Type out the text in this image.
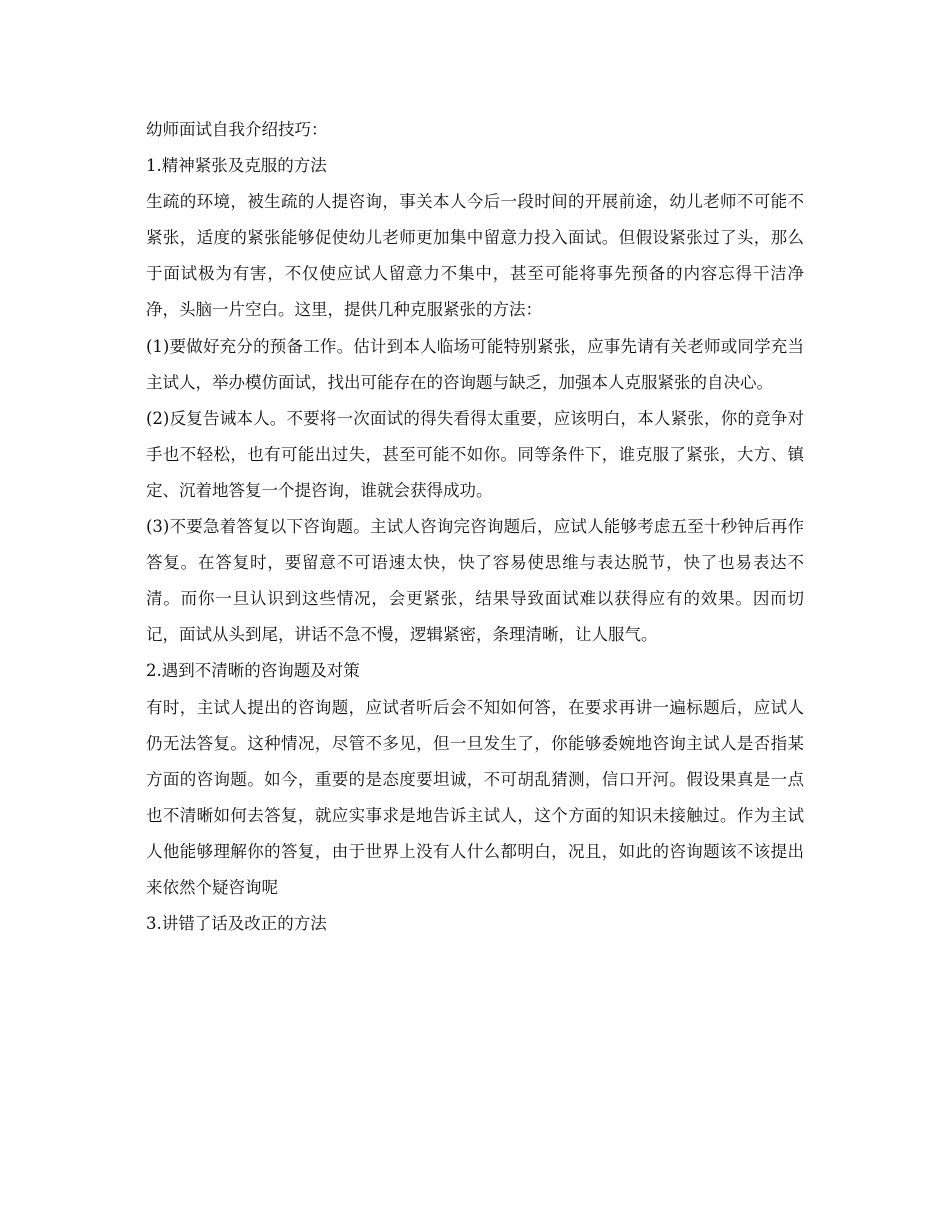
幼师面试自我介绍技巧：

1.精神紧张及克服的方法

生疏的环境，被生疏的人提咨询，事关本人今后一段时间的开展前途，幼儿老师不可能不紧张，适度的紧张能够促使幼儿老师更加集中留意力投入面试。但假设紧张过了头，那么于面试极为有害，不仅使应试人留意力不集中，甚至可能将事先预备的内容忘得干洁净净，头脑一片空白。这里，提供几种克服紧张的方法：

(1)要做好充分的预备工作。估计到本人临场可能特别紧张，应事先请有关老师或同学充当主试人，举办模仿面试，找出可能存在的咨询题与缺乏，加强本人克服紧张的自决心。

(2)反复告诫本人。不要将一次面试的得失看得太重要，应该明白，本人紧张，你的竞争对手也不轻松，也有可能出过失，甚至可能不如你。同等条件下，谁克服了紧张，大方、镇定、沉着地答复一个提咨询，谁就会获得成功。

(3)不要急着答复以下咨询题。主试人咨询完咨询题后，应试人能够考虑五至十秒钟后再作答复。在答复时，要留意不可语速太快，快了容易使思维与表达脱节，快了也易表达不清。而你一旦认识到这些情况，会更紧张，结果导致面试难以获得应有的效果。因而切记，面试从头到尾，讲话不急不慢，逻辑紧密，条理清晰，让人服气。

2.遇到不清晰的咨询题及对策

有时，主试人提出的咨询题，应试者听后会不知如何答，在要求再讲一遍标题后，应试人仍无法答复。这种情况，尽管不多见，但一旦发生了，你能够委婉地咨询主试人是否指某方面的咨询题。如今，重要的是态度要坦诚，不可胡乱猜测，信口开河。假设果真是一点也不清晰如何去答复，就应实事求是地告诉主试人，这个方面的知识未接触过。作为主试人他能够理解你的答复，由于世界上没有人什么都明白，况且，如此的咨询题该不该提出来依然个疑咨询呢

3.讲错了话及改正的方法
